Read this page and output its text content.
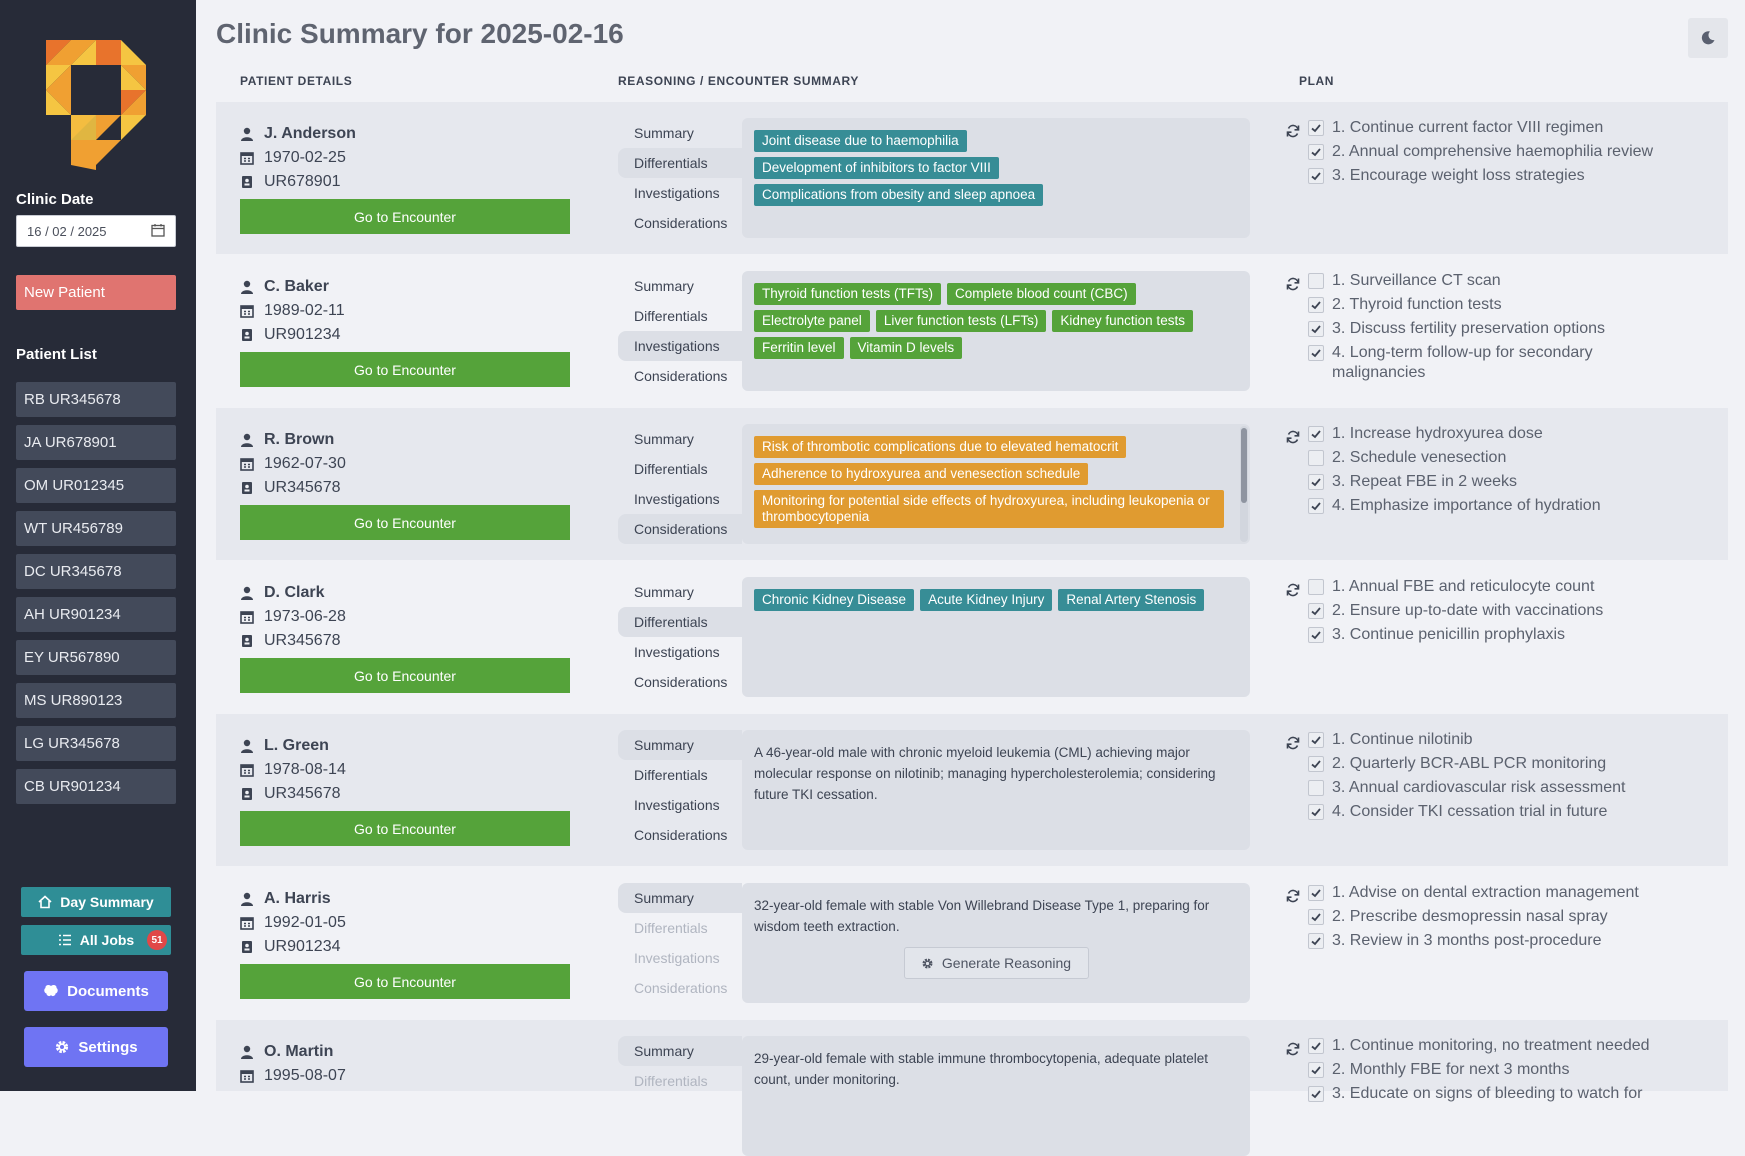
Clinic Date
16 / 02 / 2025
New Patient
Patient List
RB UR345678
JA UR678901
OM UR012345
WT UR456789
DC UR345678
AH UR901234
EY UR567890
MS UR890123
LG UR345678
CB UR901234
Day Summary
All Jobs	51
Documents
Settings
Clinic Summary for 2025-02-16
PATIENT DETAILS	REASONING / ENCOUNTER SUMMARY	PLAN
J. Anderson
1970-02-25
UR678901
Go to Encounter
Summary
Differentials
Investigations
Considerations
Joint disease due to haemophilia
Development of inhibitors to factor VIII
Complications from obesity and sleep apnoea
1. Continue current factor VIII regimen
2. Annual comprehensive haemophilia review
3. Encourage weight loss strategies
C. Baker
1989-02-11
UR901234
Go to Encounter
Summary
Differentials
Investigations
Considerations
Thyroid function tests (TFTs)	Complete blood count (CBC)
Electrolyte panel	Liver function tests (LFTs)	Kidney function tests
Ferritin level	Vitamin D levels
1. Surveillance CT scan
2. Thyroid function tests
3. Discuss fertility preservation options
4. Long-term follow-up for secondary malignancies
R. Brown
1962-07-30
UR345678
Go to Encounter
Summary
Differentials
Investigations
Considerations
Risk of thrombotic complications due to elevated hematocrit
Adherence to hydroxyurea and venesection schedule
Monitoring for potential side effects of hydroxyurea, including leukopenia or thrombocytopenia
1. Increase hydroxyurea dose
2. Schedule venesection
3. Repeat FBE in 2 weeks
4. Emphasize importance of hydration
D. Clark
1973-06-28
UR345678
Go to Encounter
Summary
Differentials
Investigations
Considerations
Chronic Kidney Disease	Acute Kidney Injury	Renal Artery Stenosis
1. Annual FBE and reticulocyte count
2. Ensure up-to-date with vaccinations
3. Continue penicillin prophylaxis
L. Green
1978-08-14
UR345678
Go to Encounter
Summary
Differentials
Investigations
Considerations
A 46-year-old male with chronic myeloid leukemia (CML) achieving major molecular response on nilotinib; managing hypercholesterolemia; considering future TKI cessation.
1. Continue nilotinib
2. Quarterly BCR-ABL PCR monitoring
3. Annual cardiovascular risk assessment
4. Consider TKI cessation trial in future
A. Harris
1992-01-05
UR901234
Go to Encounter
Summary
Differentials
Investigations
Considerations
32-year-old female with stable Von Willebrand Disease Type 1, preparing for wisdom teeth extraction.
Generate Reasoning
1. Advise on dental extraction management
2. Prescribe desmopressin nasal spray
3. Review in 3 months post-procedure
O. Martin
1995-08-07
Summary
Differentials
29-year-old female with stable immune thrombocytopenia, adequate platelet count, under monitoring.
1. Continue monitoring, no treatment needed
2. Monthly FBE for next 3 months
3. Educate on signs of bleeding to watch for
